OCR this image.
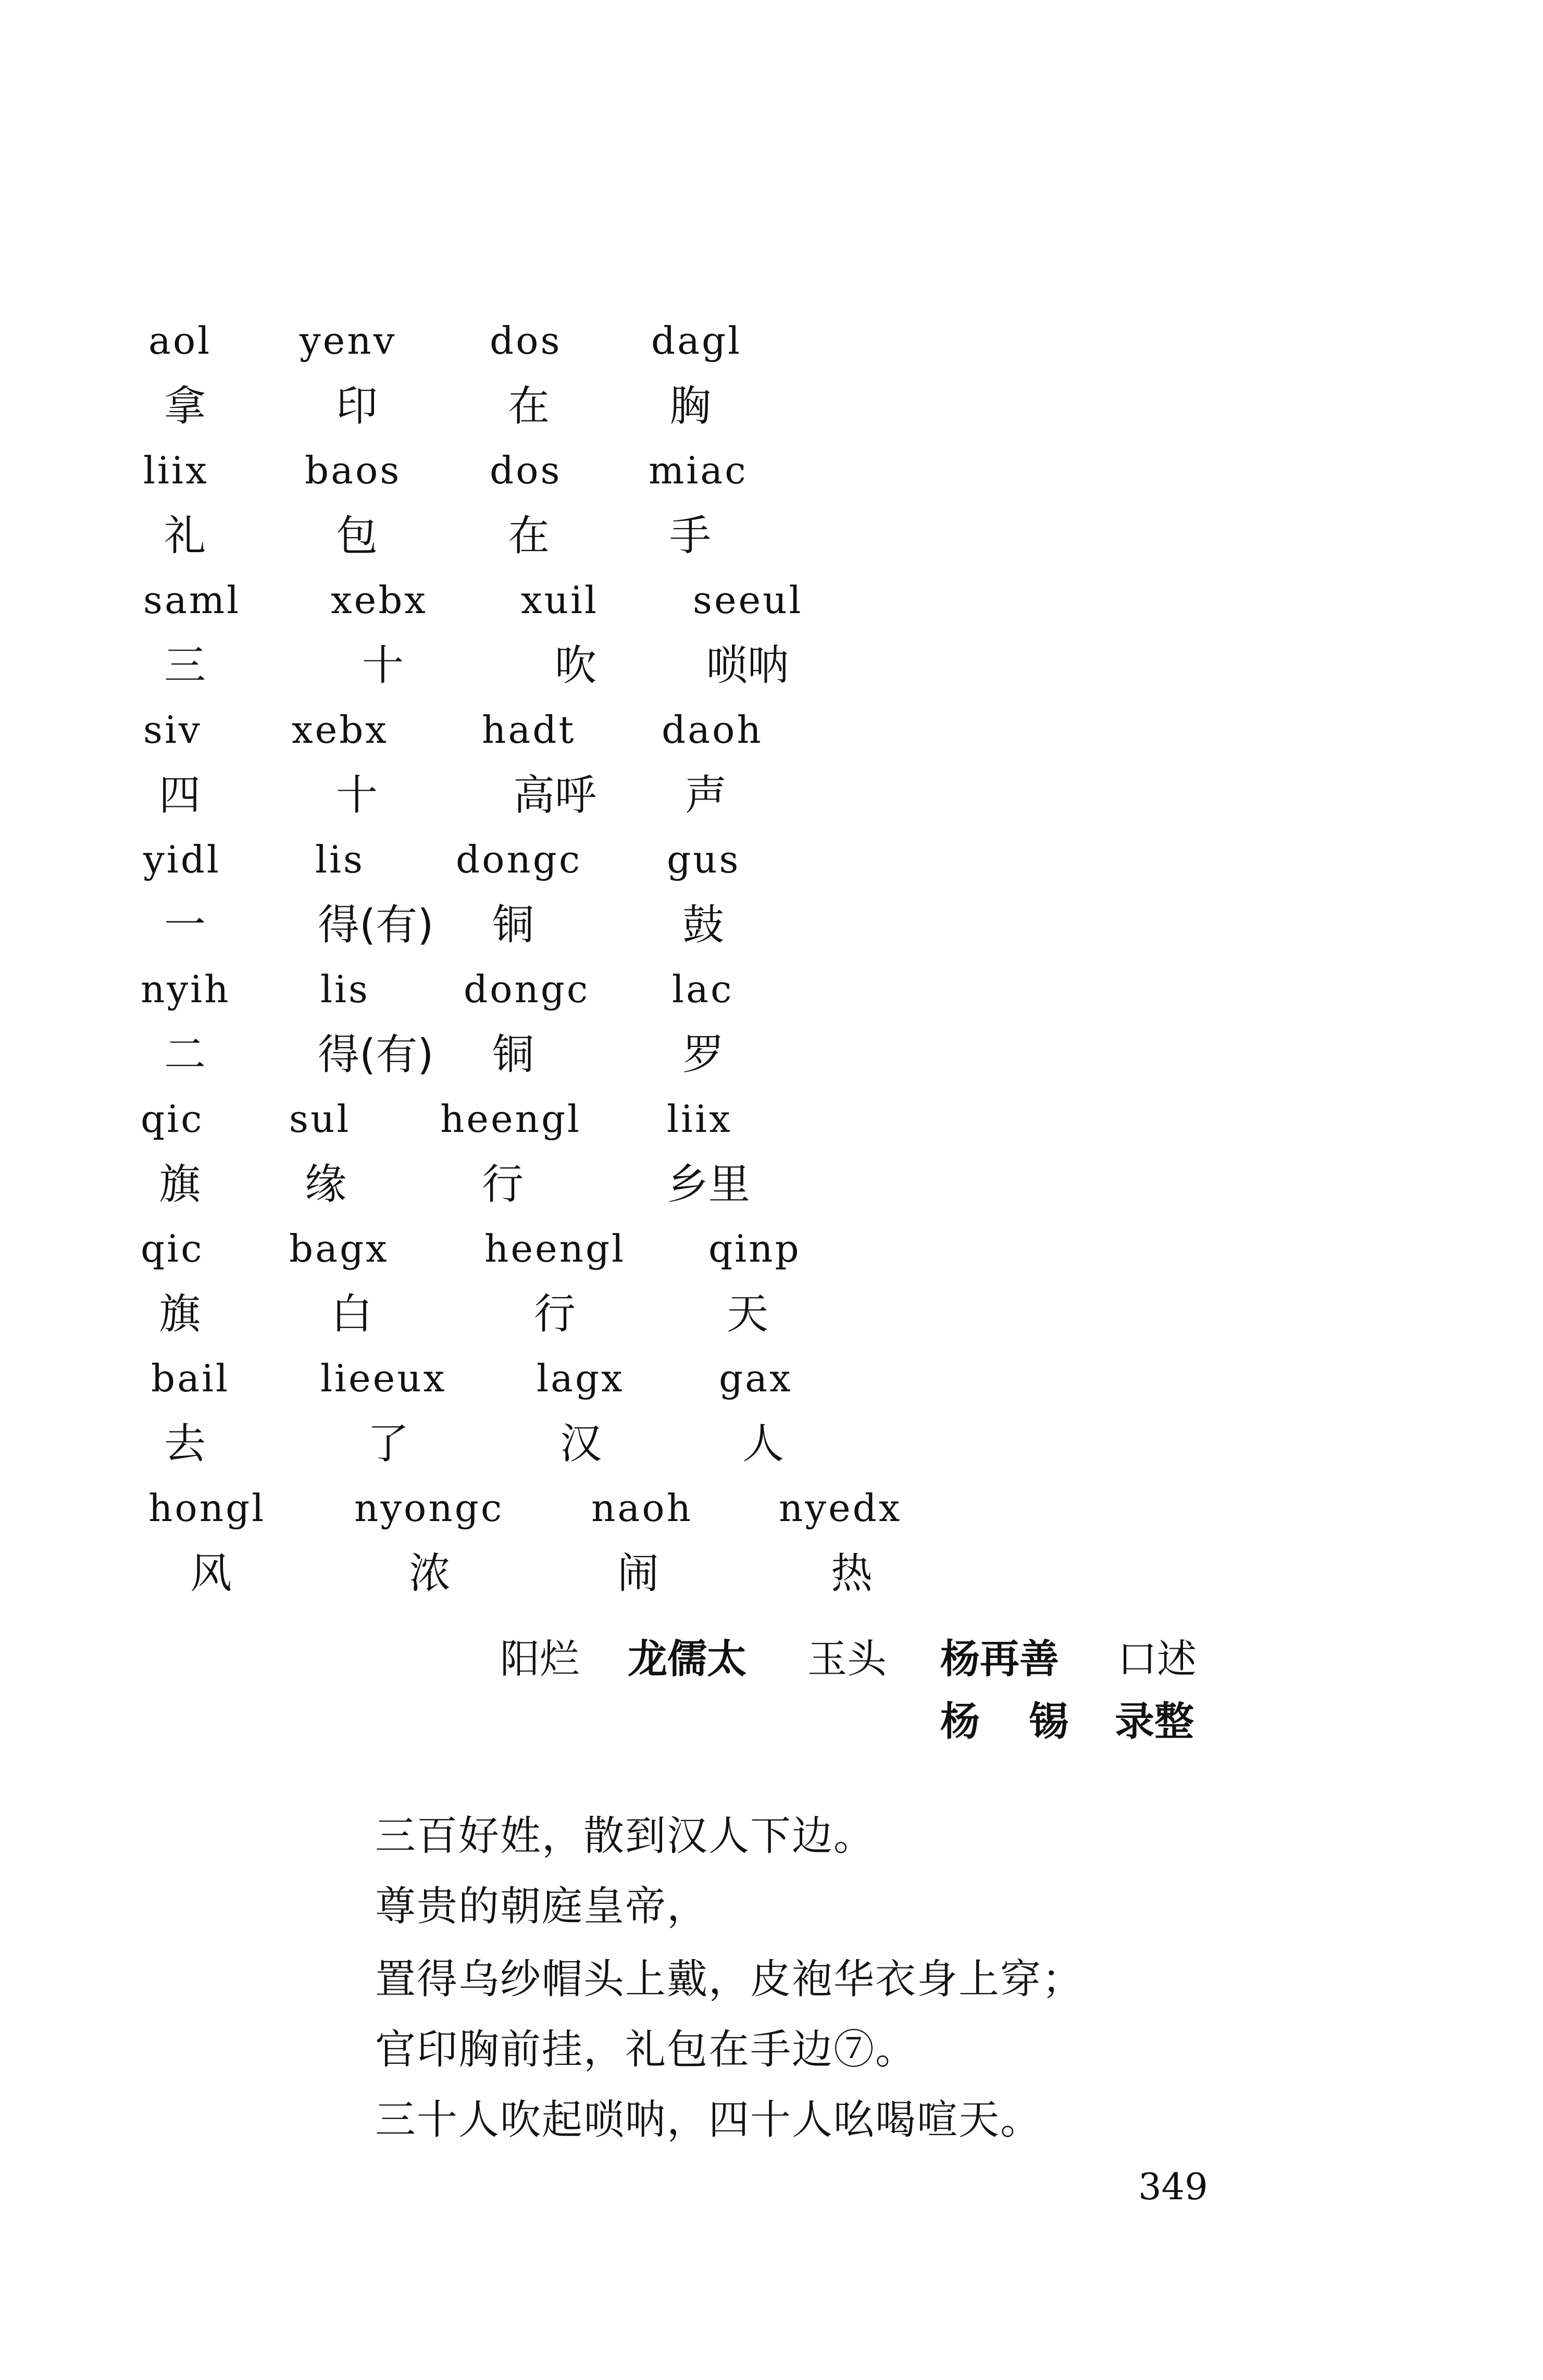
aol yenv dos dagl
拿	印	在	胸
liix	baos dos miac
礼	包	在	手
saml xebx xuil	seeul
三	十	吹	唢呐
siv xebx hadt daoh
四	十	高呼 声
yidl	lis dongc gus
一	得(有) 铜	鼓
nyih lis dongc lac
二	得(有) 铜	罗
qic sul heengl liix
旗	缘	行	乡里
qic bagx	heengl qinp
旗	白	行	天
bail lieeux lagx	gax
去	了	汉	人
hongl nyongc naoh nyedx
风	浓	闹	热
阳烂 龙儒太 玉头 杨再善 口述
杨 锡 录整
三百好姓，散到汉人下边。
尊贵的朝庭皇帝，
置得乌纱帽头上戴，皮袍华衣身上穿；
官印胸前挂，礼包在手边⑦。
三十人吹起唢呐，四十人吆喝喧天。
349
